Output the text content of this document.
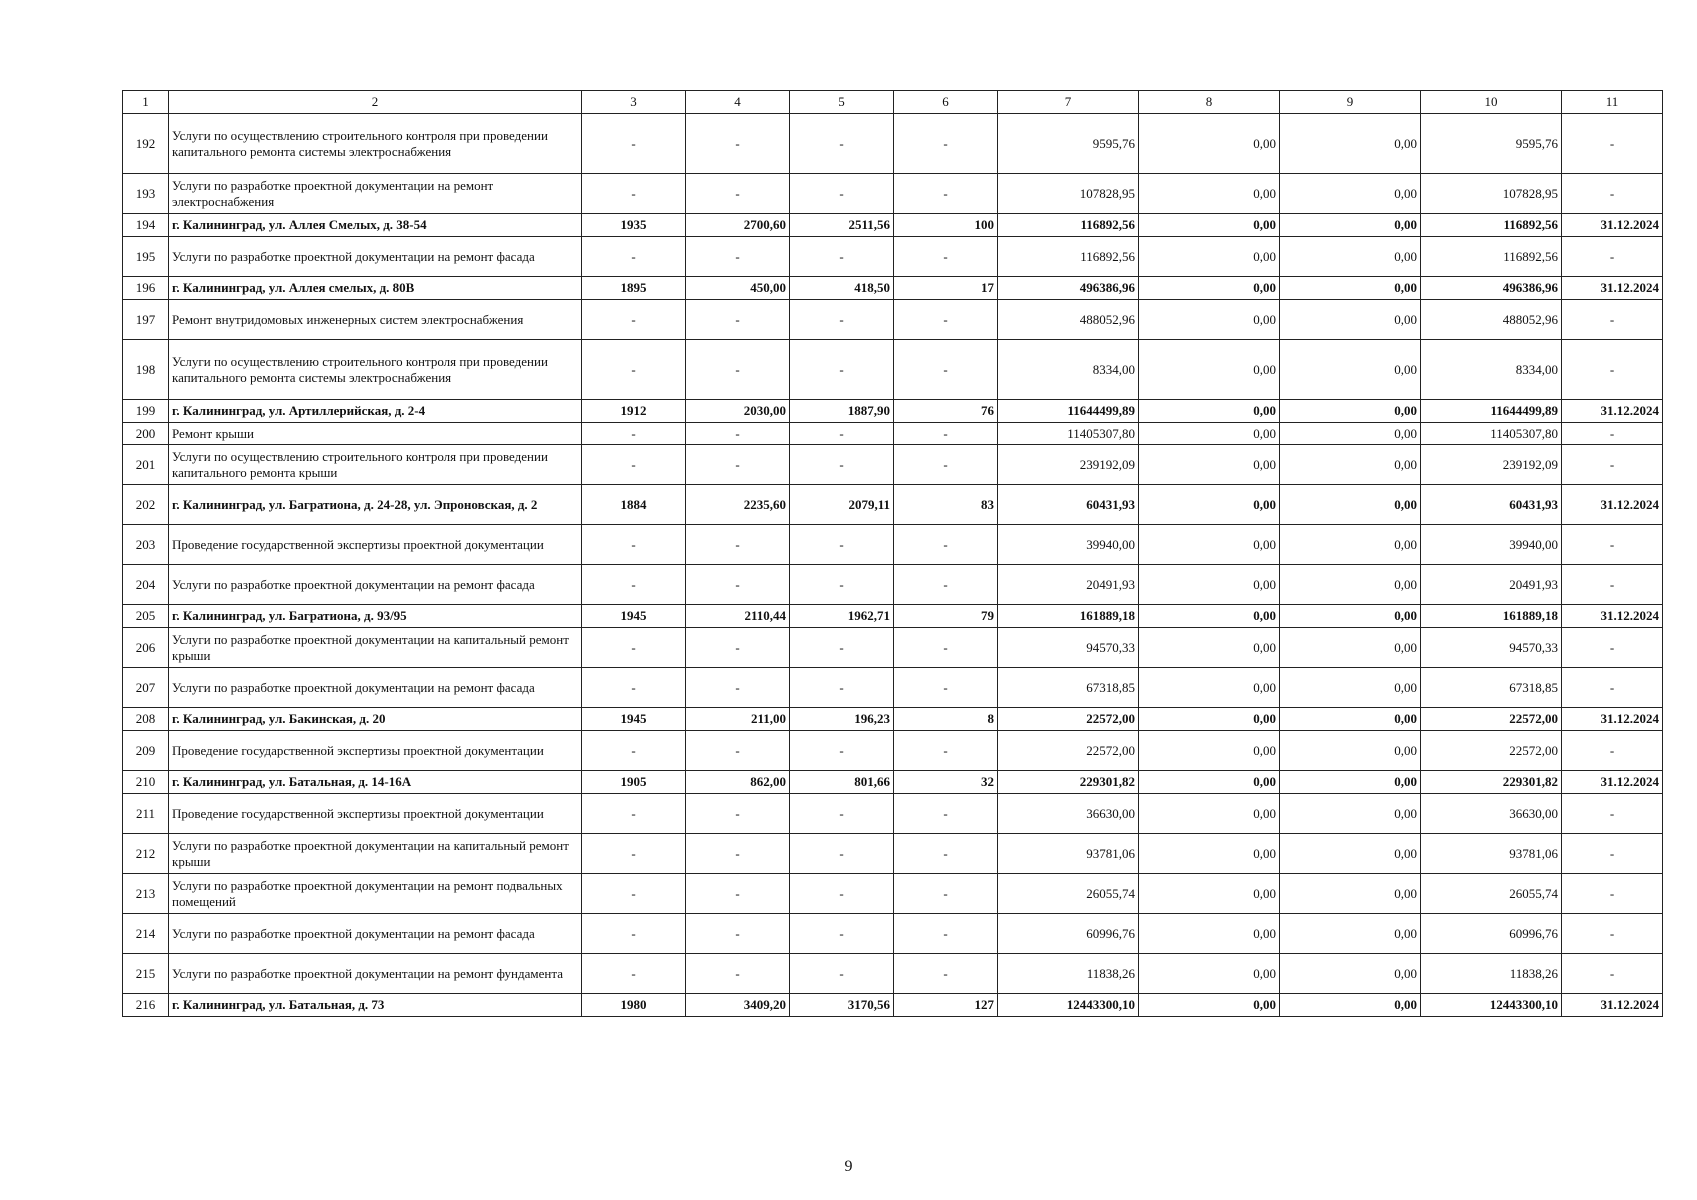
1	2	3	4	5	6	7	8	9	10	11
192	Услуги по осуществлению строительного контроля при проведении капитального ремонта системы электроснабжения	-	-	-	-	9595,76	0,00	0,00	9595,76	-
193	Услуги по разработке проектной документации на ремонт электроснабжения	-	-	-	-	107828,95	0,00	0,00	107828,95	-
194	г. Калининград, ул. Аллея Смелых, д. 38-54	1935	2700,60	2511,56	100	116892,56	0,00	0,00	116892,56	31.12.2024
195	Услуги по разработке проектной документации на ремонт фасада	-	-	-	-	116892,56	0,00	0,00	116892,56	-
196	г. Калининград, ул. Аллея смелых, д. 80В	1895	450,00	418,50	17	496386,96	0,00	0,00	496386,96	31.12.2024
197	Ремонт внутридомовых инженерных систем электроснабжения	-	-	-	-	488052,96	0,00	0,00	488052,96	-
198	Услуги по осуществлению строительного контроля при проведении капитального ремонта системы электроснабжения	-	-	-	-	8334,00	0,00	0,00	8334,00	-
199	г. Калининград, ул. Артиллерийская, д. 2-4	1912	2030,00	1887,90	76	11644499,89	0,00	0,00	11644499,89	31.12.2024
200	Ремонт крыши	-	-	-	-	11405307,80	0,00	0,00	11405307,80	-
201	Услуги по осуществлению строительного контроля при проведении капитального ремонта крыши	-	-	-	-	239192,09	0,00	0,00	239192,09	-
202	г. Калининград, ул. Багратиона, д. 24-28, ул. Эпроновская, д. 2	1884	2235,60	2079,11	83	60431,93	0,00	0,00	60431,93	31.12.2024
203	Проведение государственной экспертизы проектной документации	-	-	-	-	39940,00	0,00	0,00	39940,00	-
204	Услуги по разработке проектной документации на ремонт фасада	-	-	-	-	20491,93	0,00	0,00	20491,93	-
205	г. Калининград, ул. Багратиона, д. 93/95	1945	2110,44	1962,71	79	161889,18	0,00	0,00	161889,18	31.12.2024
206	Услуги по разработке проектной документации на капитальный ремонт крыши	-	-	-	-	94570,33	0,00	0,00	94570,33	-
207	Услуги по разработке проектной документации на ремонт фасада	-	-	-	-	67318,85	0,00	0,00	67318,85	-
208	г. Калининград, ул. Бакинская, д. 20	1945	211,00	196,23	8	22572,00	0,00	0,00	22572,00	31.12.2024
209	Проведение государственной экспертизы проектной документации	-	-	-	-	22572,00	0,00	0,00	22572,00	-
210	г. Калининград, ул. Батальная, д. 14-16А	1905	862,00	801,66	32	229301,82	0,00	0,00	229301,82	31.12.2024
211	Проведение государственной экспертизы проектной документации	-	-	-	-	36630,00	0,00	0,00	36630,00	-
212	Услуги по разработке проектной документации на капитальный ремонт крыши	-	-	-	-	93781,06	0,00	0,00	93781,06	-
213	Услуги по разработке проектной документации на ремонт подвальных помещений	-	-	-	-	26055,74	0,00	0,00	26055,74	-
214	Услуги по разработке проектной документации на ремонт фасада	-	-	-	-	60996,76	0,00	0,00	60996,76	-
215	Услуги по разработке проектной документации на ремонт фундамента	-	-	-	-	11838,26	0,00	0,00	11838,26	-
216	г. Калининград, ул. Батальная, д. 73	1980	3409,20	3170,56	127	12443300,10	0,00	0,00	12443300,10	31.12.2024
9
